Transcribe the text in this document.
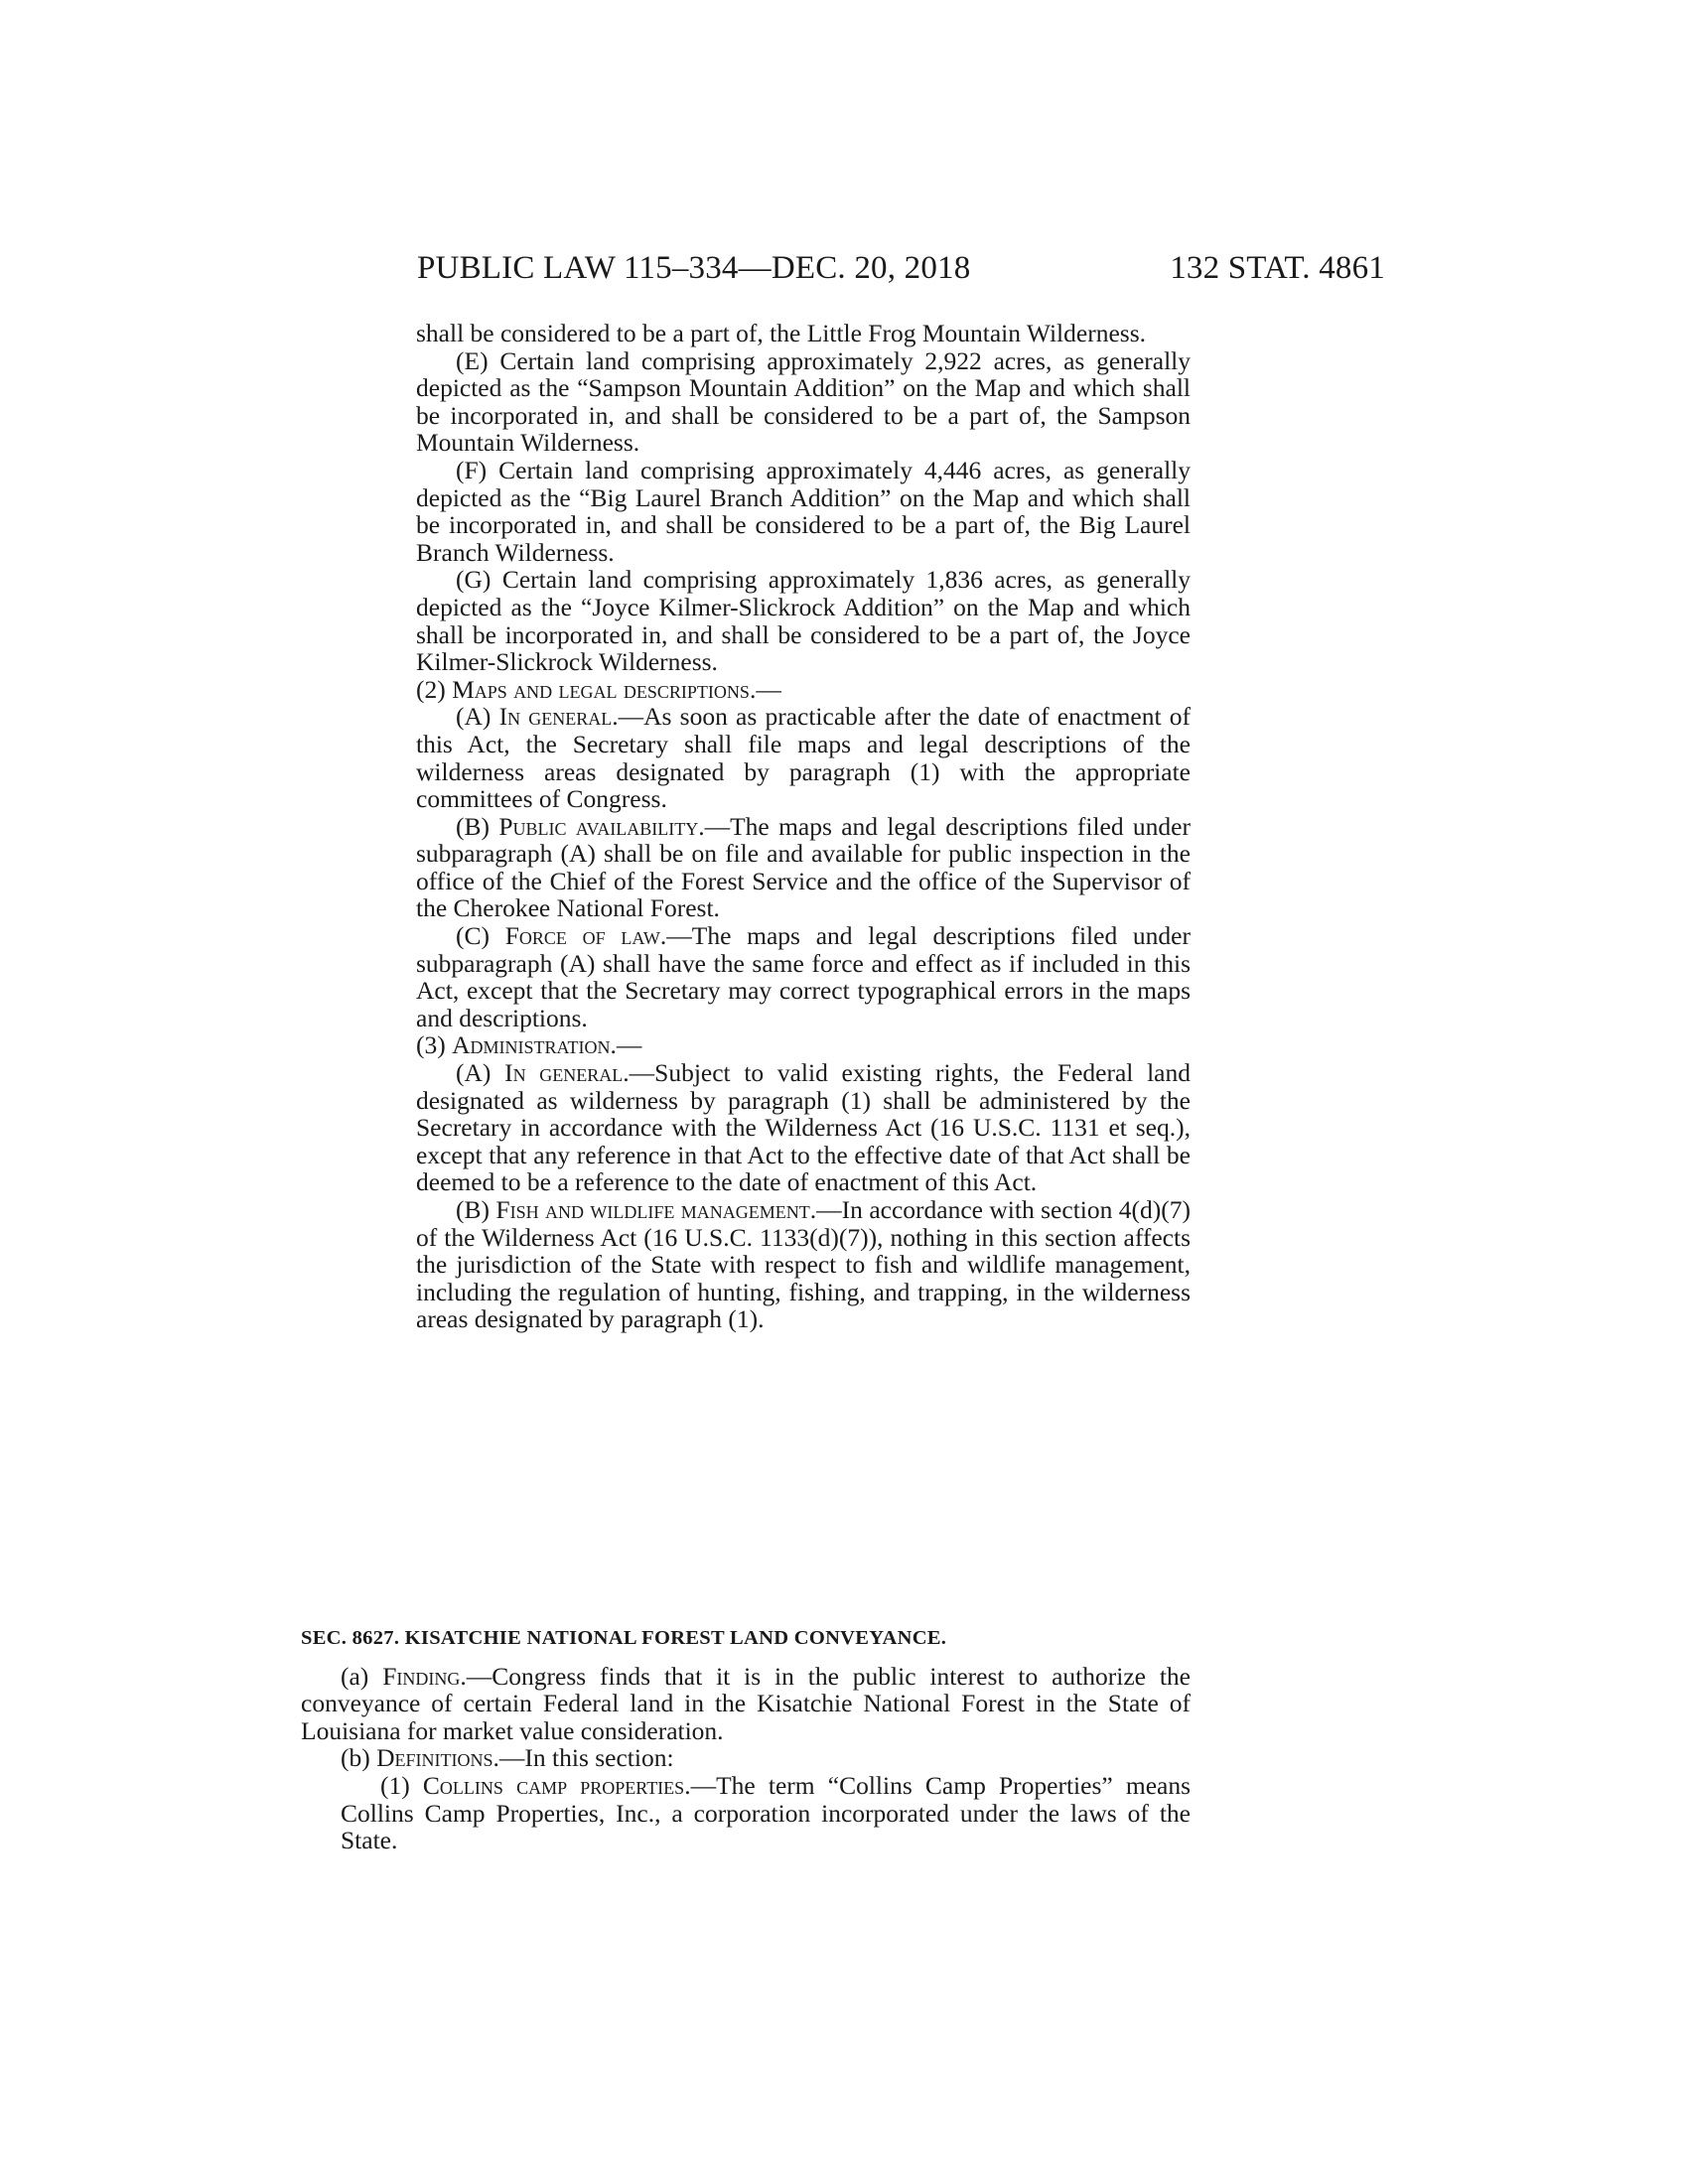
PUBLIC LAW 115–334—DEC. 20, 2018	132 STAT. 4861

shall be considered to be a part of, the Little Frog Mountain Wilderness.

(E) Certain land comprising approximately 2,922 acres, as generally depicted as the “Sampson Mountain Addition” on the Map and which shall be incorporated in, and shall be considered to be a part of, the Sampson Mountain Wilderness.

(F) Certain land comprising approximately 4,446 acres, as generally depicted as the “Big Laurel Branch Addition” on the Map and which shall be incorporated in, and shall be considered to be a part of, the Big Laurel Branch Wilderness.

(G) Certain land comprising approximately 1,836 acres, as generally depicted as the “Joyce Kilmer-Slickrock Addition” on the Map and which shall be incorporated in, and shall be considered to be a part of, the Joyce Kilmer-Slickrock Wilderness.

(2) Maps and legal descriptions.—

(A) In general.—As soon as practicable after the date of enactment of this Act, the Secretary shall file maps and legal descriptions of the wilderness areas designated by paragraph (1) with the appropriate committees of Congress.

(B) Public availability.—The maps and legal descriptions filed under subparagraph (A) shall be on file and available for public inspection in the office of the Chief of the Forest Service and the office of the Supervisor of the Cherokee National Forest.

(C) Force of law.—The maps and legal descriptions filed under subparagraph (A) shall have the same force and effect as if included in this Act, except that the Secretary may correct typographical errors in the maps and descriptions.

(3) Administration.—

(A) In general.—Subject to valid existing rights, the Federal land designated as wilderness by paragraph (1) shall be administered by the Secretary in accordance with the Wilderness Act (16 U.S.C. 1131 et seq.), except that any reference in that Act to the effective date of that Act shall be deemed to be a reference to the date of enactment of this Act.

(B) Fish and wildlife management.—In accordance with section 4(d)(7) of the Wilderness Act (16 U.S.C. 1133(d)(7)), nothing in this section affects the jurisdiction of the State with respect to fish and wildlife management, including the regulation of hunting, fishing, and trapping, in the wilderness areas designated by paragraph (1).

SEC. 8627. KISATCHIE NATIONAL FOREST LAND CONVEYANCE.

(a) Finding.—Congress finds that it is in the public interest to authorize the conveyance of certain Federal land in the Kisatchie National Forest in the State of Louisiana for market value consideration.

(b) Definitions.—In this section:

(1) Collins camp properties.—The term “Collins Camp Properties” means Collins Camp Properties, Inc., a corporation incorporated under the laws of the State.
